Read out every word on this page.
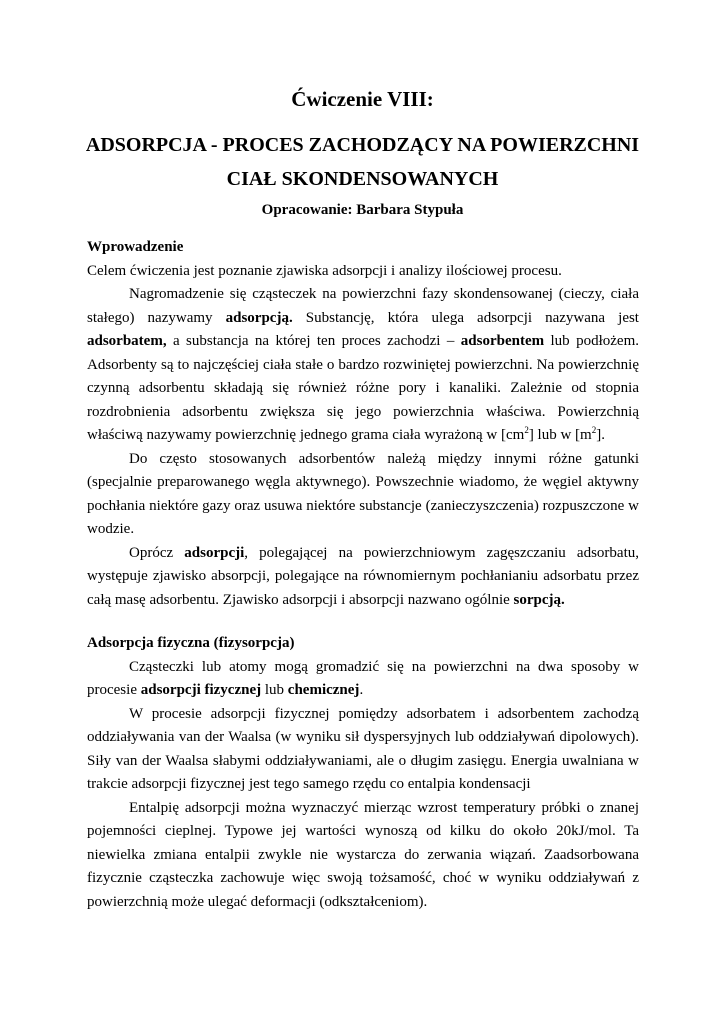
Ćwiczenie VIII:
ADSORPCJA - PROCES ZACHODZĄCY NA POWIERZCHNI
CIAŁ SKONDENSOWANYCH
Opracowanie: Barbara Stypuła
Wprowadzenie

Celem ćwiczenia jest poznanie zjawiska adsorpcji i analizy ilościowej procesu.

Nagromadzenie się cząsteczek na powierzchni fazy skondensowanej (cieczy, ciała stałego) nazywamy adsorpcją. Substancję, która ulega adsorpcji nazywana jest adsorbatem, a substancja na której ten proces zachodzi – adsorbentem lub podłożem. Adsorbenty są to najczęściej ciała stałe o bardzo rozwiniętej powierzchni. Na powierzchnię czynną adsorbentu składają się również różne pory i kanaliki. Zależnie od stopnia rozdrobnienia adsorbentu zwiększa się jego powierzchnia właściwa. Powierzchnią właściwą nazywamy powierzchnię jednego grama ciała wyrażoną w $[cm^2]$ lub w $[m^2]$.

Do często stosowanych adsorbentów należą między innymi różne gatunki (specjalnie preparowanego węgla aktywnego). Powszechnie wiadomo, że węgiel aktywny pochłania niektóre gazy oraz usuwa niektóre substancje (zanieczyszczenia) rozpuszczone w wodzie.

Oprócz adsorpcji, polegającej na powierzchniowym zagęszczaniu adsorbatu, występuje zjawisko absorpcji, polegające na równomiernym pochłanianiu adsorbatu przez całą masę adsorbentu. Zjawisko adsorpcji i absorpcji nazwano ogólnie sorpcją.

Adsorpcja fizyczna (fizysorpcja)

Cząsteczki lub atomy mogą gromadzić się na powierzchni na dwa sposoby w procesie adsorpcji fizycznej lub chemicznej.

W procesie adsorpcji fizycznej pomiędzy adsorbatem i adsorbentem zachodzą oddziaływania van der Waalsa (w wyniku sił dyspersyjnych lub oddziaływań dipolowych). Siły van der Waalsa słabymi oddziaływaniami, ale o długim zasięgu. Energia uwalniana w trakcie adsorpcji fizycznej jest tego samego rzędu co entalpia kondensacji

Entalpię adsorpcji można wyznaczyć mierząc wzrost temperatury próbki o znanej pojemności cieplnej. Typowe jej wartości wynoszą od kilku do około 20kJ/mol. Ta niewielka zmiana entalpii zwykle nie wystarcza do zerwania wiązań. Zaadsorbowana fizycznie cząsteczka zachowuje więc swoją tożsamość, choć w wyniku oddziaływań z powierzchnią może ulegać deformacji (odkształceniom).
